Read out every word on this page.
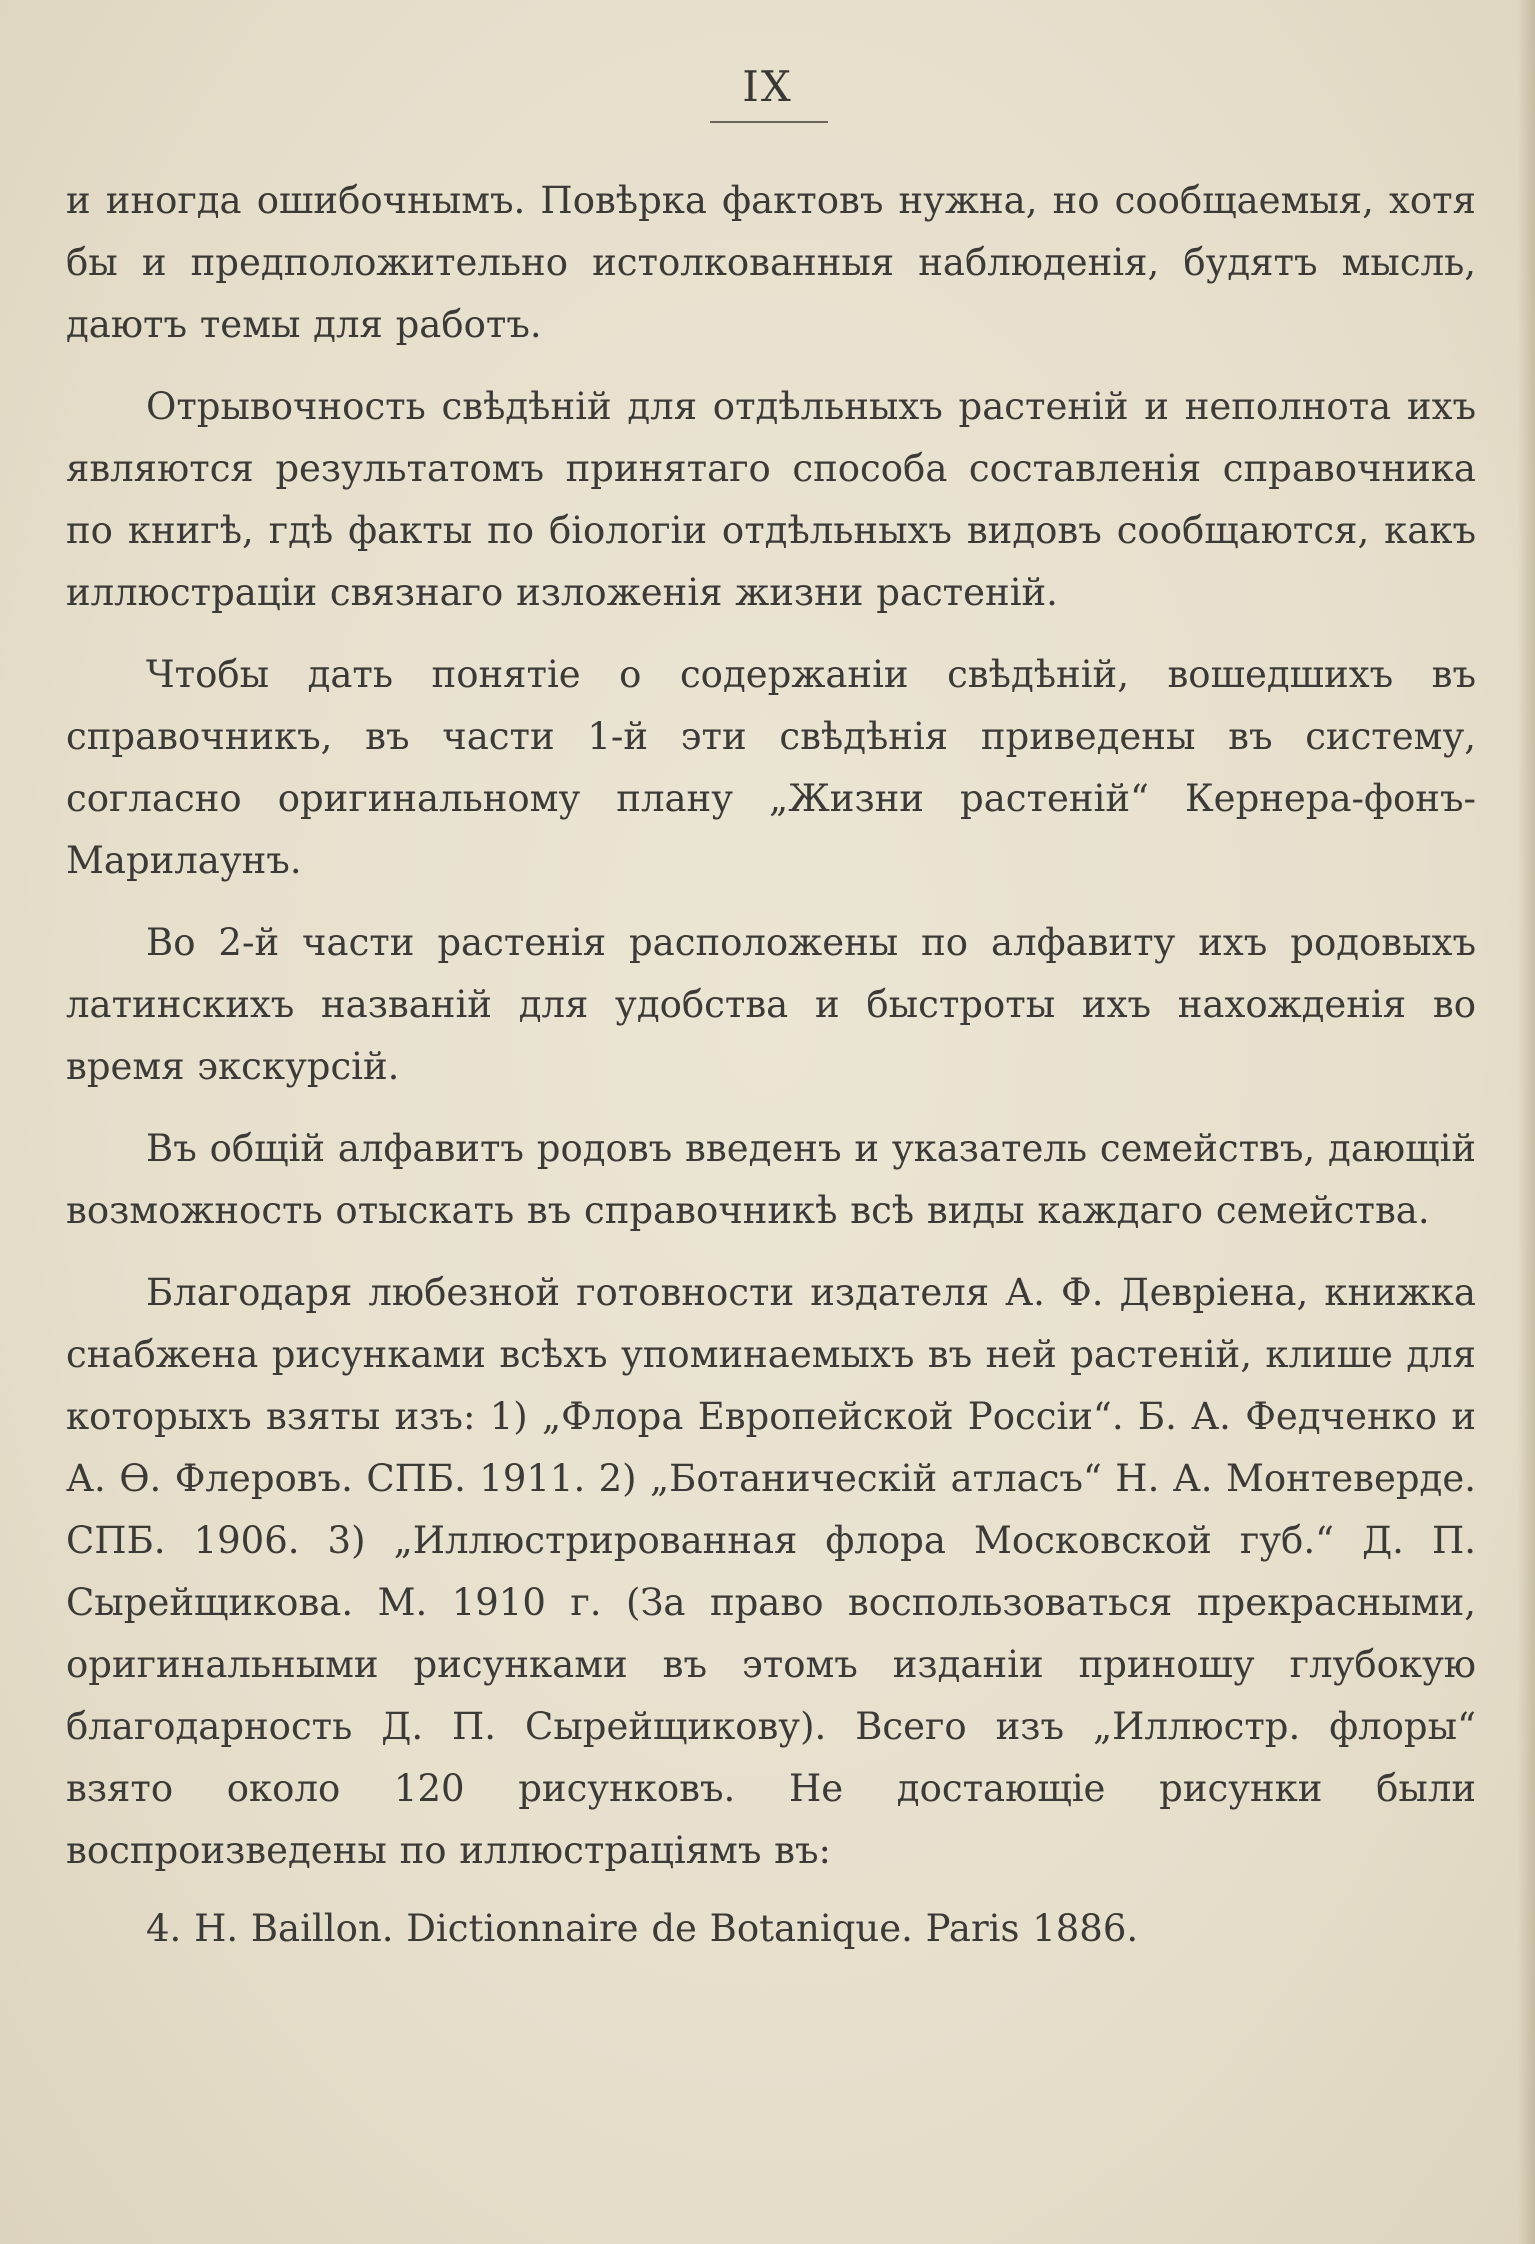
IX

и иногда ошибочнымъ. Повѣрка фактовъ нужна, но сообщаемыя, хотя бы и предположительно истолкованныя наблюденія, будятъ мысль, даютъ темы для работъ.

Отрывочность свѣдѣній для отдѣльныхъ растеній и неполнота ихъ являются результатомъ принятаго способа составленія справочника по книгѣ, гдѣ факты по біологіи отдѣльныхъ видовъ сообщаются, какъ иллюстраціи связнаго изложенія жизни растеній.

Чтобы дать понятіе о содержаніи свѣдѣній, вошедшихъ въ справочникъ, въ части 1-й эти свѣдѣнія приведены въ систему, согласно оригинальному плану „Жизни растеній“ Кернера-фонъ-Марилаунъ.

Во 2-й части растенія расположены по алфавиту ихъ родовыхъ латинскихъ названій для удобства и быстроты ихъ нахожденія во время экскурсій.

Въ общій алфавитъ родовъ введенъ и указатель семействъ, дающій возможность отыскать въ справочникѣ всѣ виды каждаго семейства.

Благодаря любезной готовности издателя А. Ф. Девріена, книжка снабжена рисунками всѣхъ упоминаемыхъ въ ней растеній, клише для которыхъ взяты изъ: 1) „Флора Европейской Россіи“. Б. А. Федченко и А. Ѳ. Флеровъ. СПБ. 1911. 2) „Ботаническій атласъ“ Н. А. Монтеверде. СПБ. 1906. 3) „Иллюстрированная флора Московской губ.“ Д. П. Сырейщикова. М. 1910 г. (За право воспользоваться прекрасными, оригинальными рисунками въ этомъ изданіи приношу глубокую благодарность Д. П. Сырейщикову). Всего изъ „Иллюстр. флоры“ взято около 120 рисунковъ. Не достающіе рисунки были воспроизведены по иллюстраціямъ въ:

4. H. Baillon. Dictionnaire de Botanique. Paris 1886.
